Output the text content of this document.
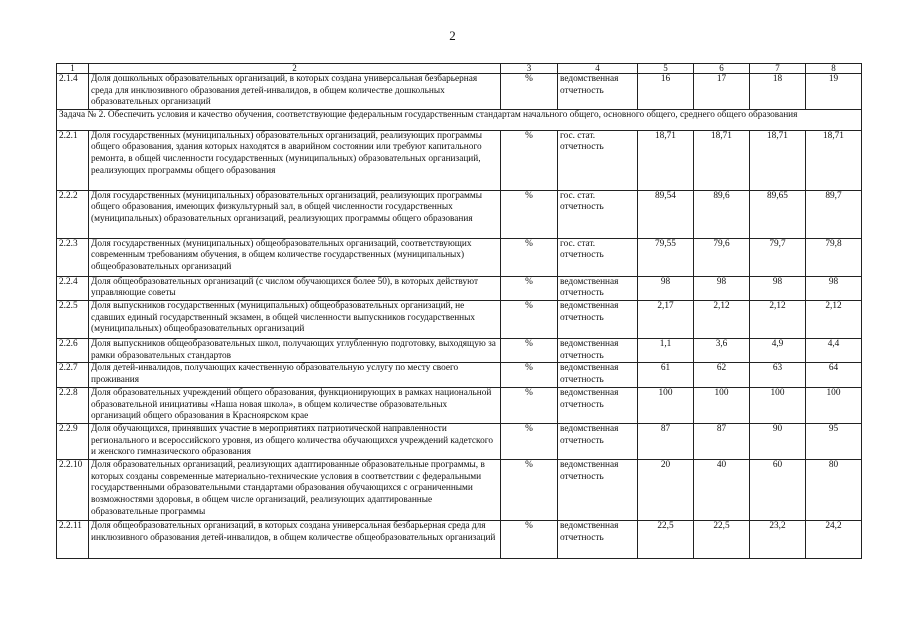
2
1	2	3	4	5	6	7	8
2.1.4	Доля дошкольных образовательных организаций, в которых создана универсальная безбарьерная среда для инклюзивного образования детей-инвалидов, в общем количестве дошкольных образовательных организаций	%	ведомственная отчетность	16	17	18	19
Задача № 2. Обеспечить условия и качество обучения, соответствующие федеральным государственным стандартам начального общего, основного общего, среднего общего образования							
2.2.1	Доля государственных (муниципальных) образовательных организаций, реализующих программы общего образования, здания которых находятся в аварийном состоянии или требуют капитального ремонта, в общей численности государственных (муниципальных) образовательных организаций, реализующих программы общего образования	%	гос. стат. отчетность	18,71	18,71	18,71	18,71
2.2.2	Доля государственных (муниципальных) образовательных организаций, реализующих программы общего образования, имеющих физкультурный зал, в общей численности государственных (муниципальных) образовательных организаций, реализующих программы общего образования	%	гос. стат. отчетность	89,54	89,6	89,65	89,7
2.2.3	Доля государственных (муниципальных) общеобразовательных организаций, соответствующих современным требованиям обучения, в общем количестве государственных (муниципальных) общеобразовательных организаций	%	гос. стат. отчетность	79,55	79,6	79,7	79,8
2.2.4	Доля общеобразовательных организаций (с числом обучающихся более 50), в которых действуют управляющие советы	%	ведомственная отчетность	98	98	98	98
2.2.5	Доля выпускников государственных (муниципальных) общеобразовательных организаций, не сдавших единый государственный экзамен, в общей численности выпускников государственных (муниципальных) общеобразовательных организаций	%	ведомственная отчетность	2,17	2,12	2,12	2,12
2.2.6	Доля выпускников общеобразовательных школ, получающих углубленную подготовку, выходящую за рамки образовательных стандартов	%	ведомственная отчетность	1,1	3,6	4,9	4,4
2.2.7	Доля детей-инвалидов, получающих качественную образовательную услугу по месту своего проживания	%	ведомственная отчетность	61	62	63	64
2.2.8	Доля образовательных учреждений общего образования, функционирующих в рамках национальной образовательной инициативы «Наша новая школа», в общем количестве образовательных организаций общего образования в Красноярском крае	%	ведомственная отчетность	100	100	100	100
2.2.9	Доля обучающихся, принявших участие в мероприятиях патриотической направленности регионального и всероссийского уровня, из общего количества обучающихся учреждений кадетского и женского гимназического образования	%	ведомственная отчетность	87	87	90	95
2.2.10	Доля образовательных организаций, реализующих адаптированные образовательные программы, в которых созданы современные материально-технические условия в соответствии с федеральными государственными образовательными стандартами образования обучающихся с ограниченными возможностями здоровья, в общем числе организаций, реализующих адаптированные образовательные программы	%	ведомственная отчетность	20	40	60	80
2.2.11	Доля общеобразовательных организаций, в которых создана универсальная безбарьерная среда для инклюзивного образования детей-инвалидов, в общем количестве общеобразовательных организаций	%	ведомственная отчетность	22,5	22,5	23,2	24,2
